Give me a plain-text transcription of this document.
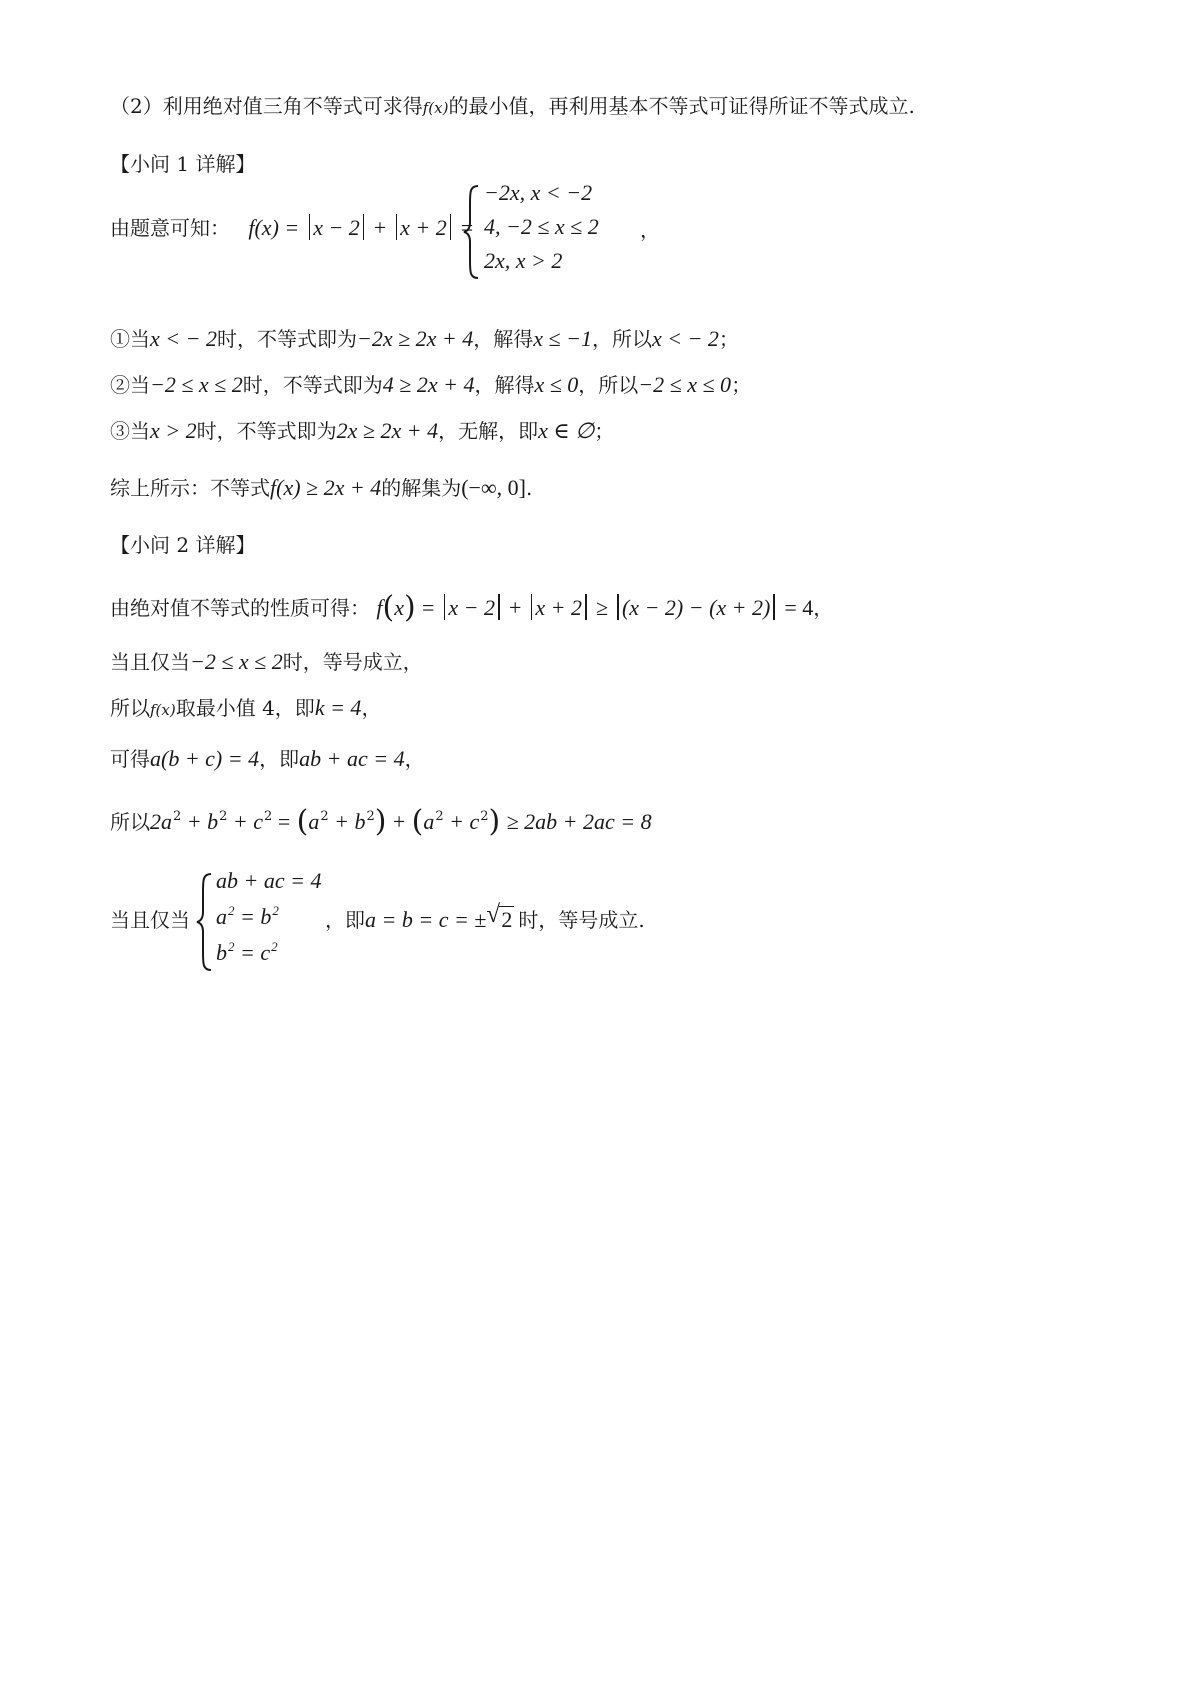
（2）利用绝对值三角不等式可求得f(x)的最小值，再利用基本不等式可证得所证不等式成立.
【小问 1 详解】
由题意可知： f(x) = x − 2 + x + 2 =
−2x, x < −2
4, −2 ≤ x ≤ 2
2x, x > 2
，
①当x < − 2时，不等式即为−2x ≥ 2x + 4，解得x ≤ −1，所以x < − 2；
②当−2 ≤ x ≤ 2时，不等式即为4 ≥ 2x + 4，解得x ≤ 0，所以−2 ≤ x ≤ 0；
③当x > 2时，不等式即为2x ≥ 2x + 4，无解，即x ∈ ∅；
综上所示：不等式f(x) ≥ 2x + 4的解集为(−∞, 0].
【小问 2 详解】
由绝对值不等式的性质可得： f(x) = x − 2 + x + 2 ≥ (x − 2) − (x + 2) = 4，
当且仅当−2 ≤ x ≤ 2时，等号成立，
所以f(x)取最小值 4，即k = 4，
可得a(b + c) = 4，即ab + ac = 4，
所以$2a^2 + b^2 + c^2 = (a^2 + b^2) + (a^2 + c^2) \ge 2ab + 2ac = 8$
当且仅当
ab + ac = 4
$a^2 = b^2$
$b^2 = c^2$
，即a = b = c = ± √ 2 时，等号成立.
